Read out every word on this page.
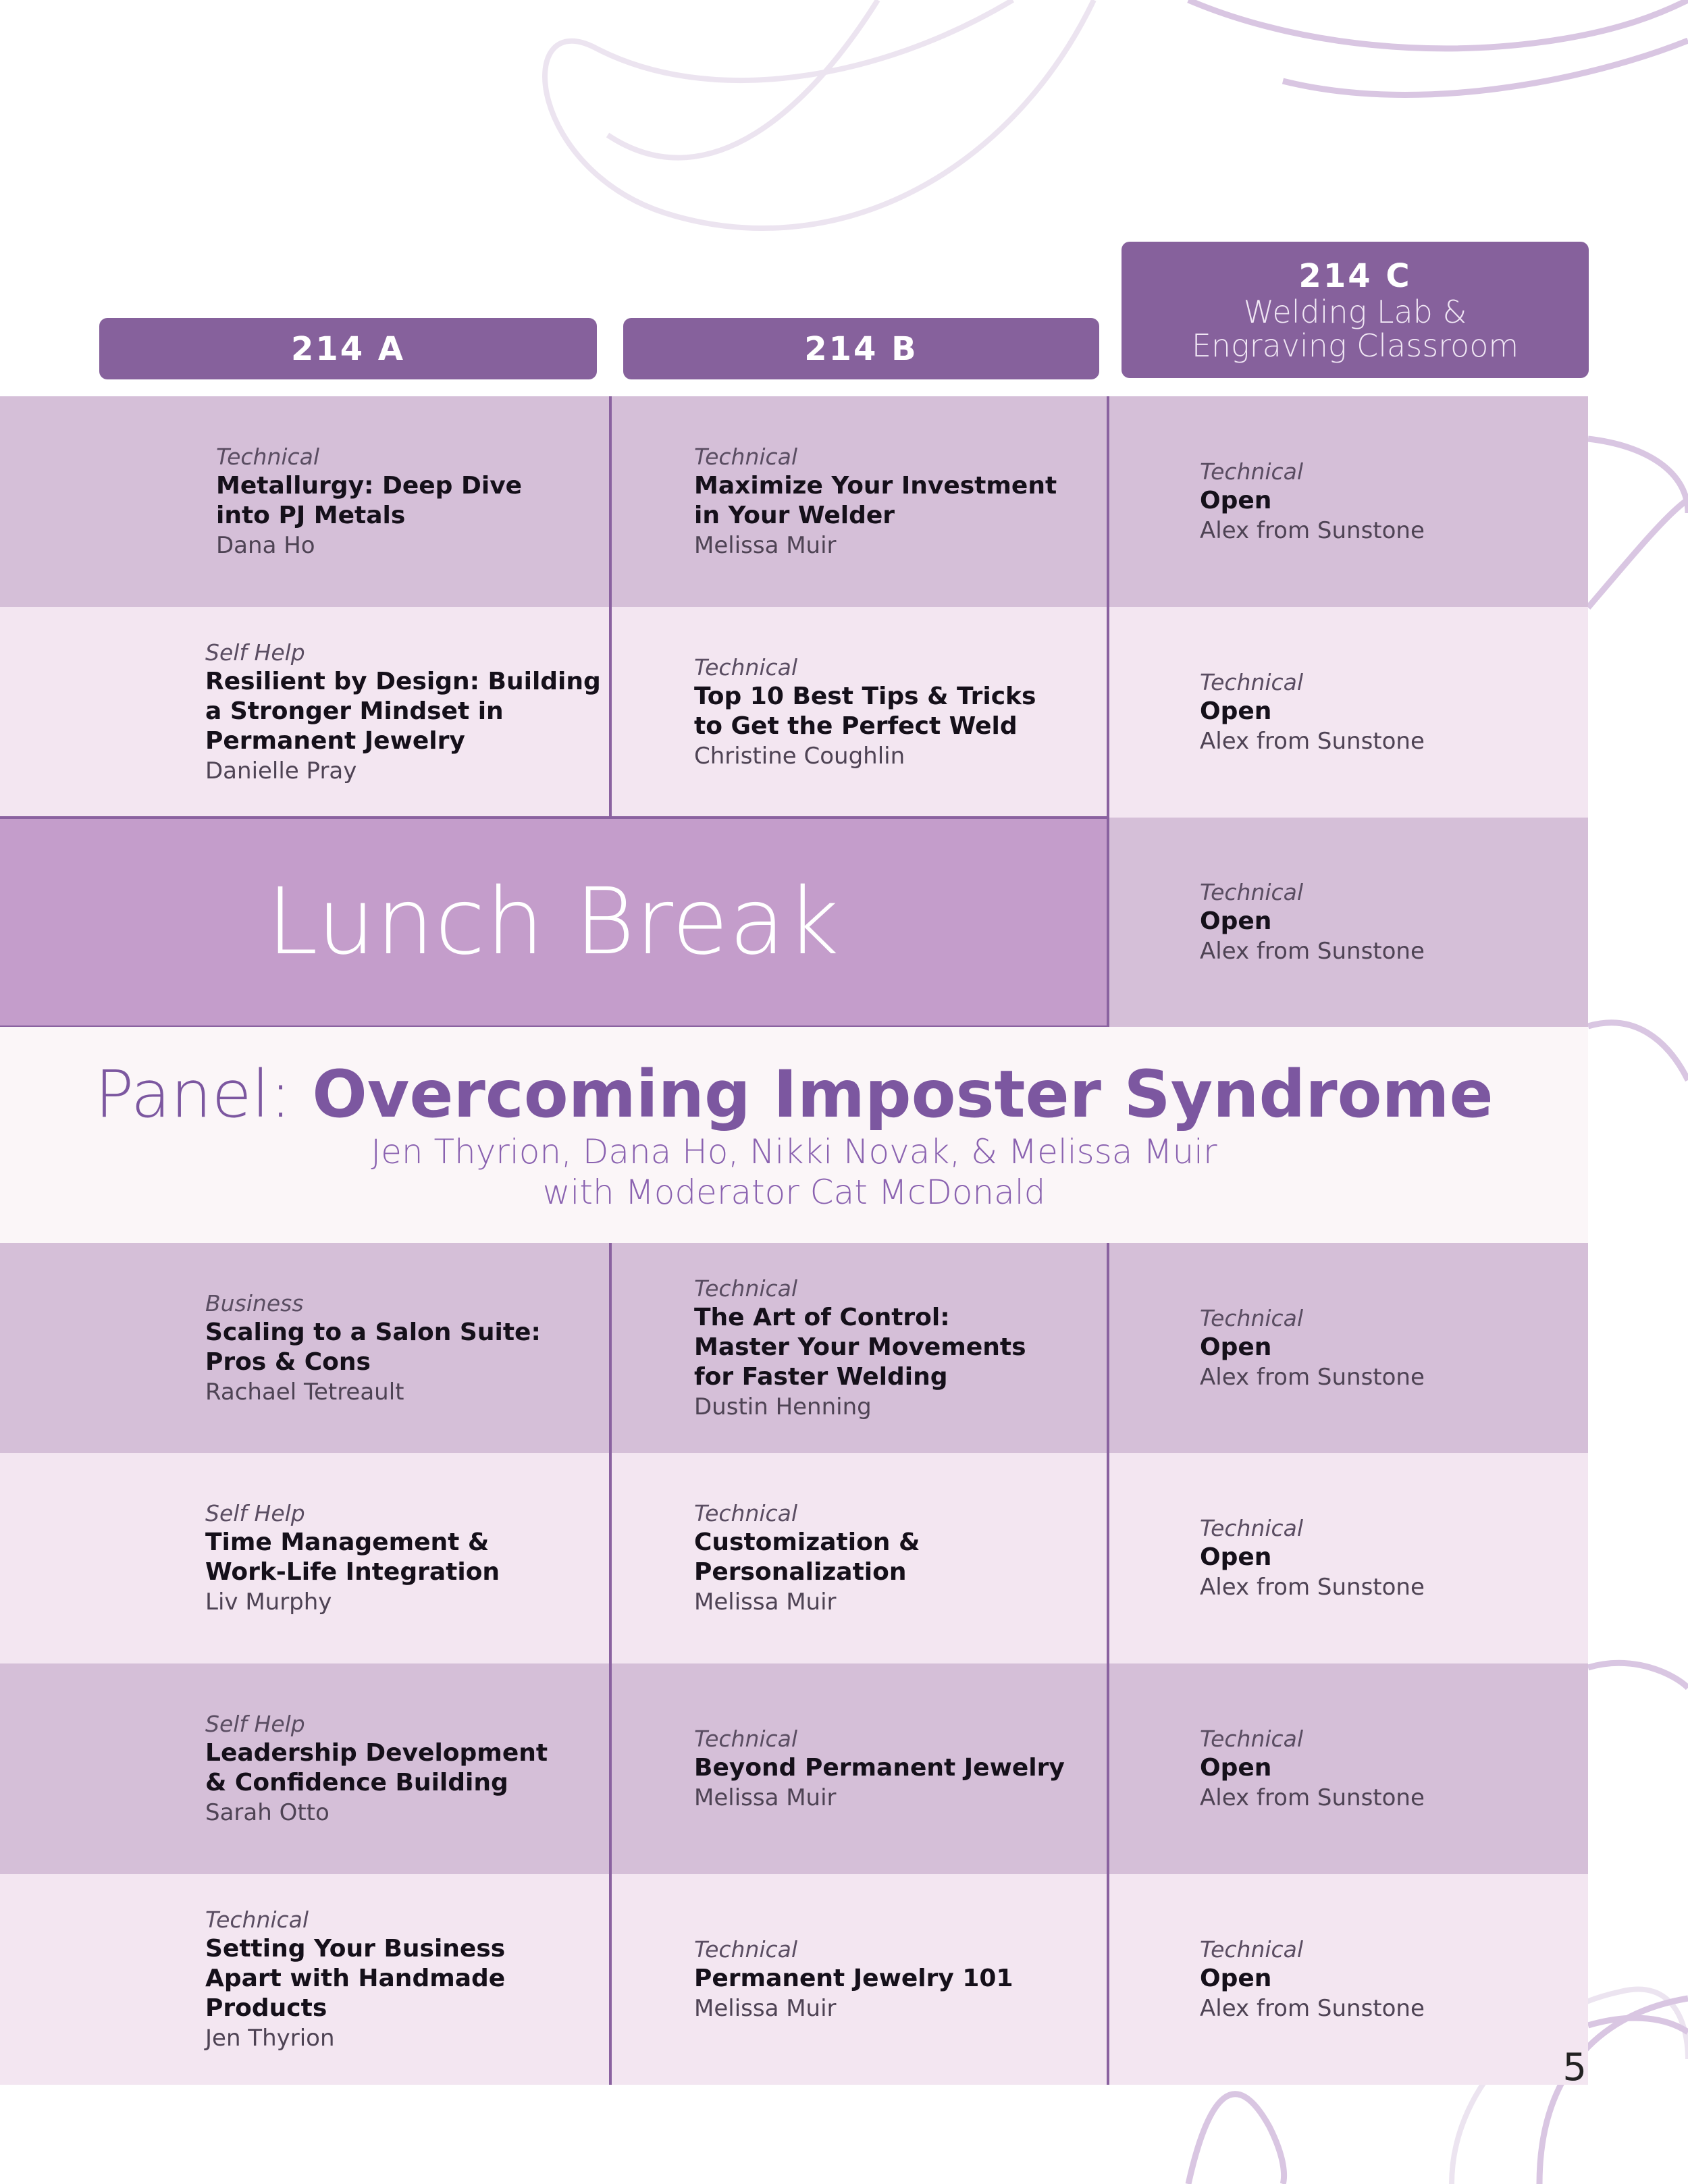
214 A	214 B
214 C
Welding Lab &
Engraving Classroom
Technical
Metallurgy: Deep Dive
into PJ Metals
Dana Ho
Technical
Maximize Your Investment
in Your Welder
Melissa Muir
Technical
Open
Alex from Sunstone
Self Help
Resilient by Design: Building
a Stronger Mindset in
Permanent Jewelry
Danielle Pray
Technical
Top 10 Best Tips & Tricks
to Get the Perfect Weld
Christine Coughlin
Technical
Open
Alex from Sunstone
Technical
Open
Alex from Sunstone
Lunch Break
Panel: Overcoming Imposter Syndrome
Jen Thyrion, Dana Ho, Nikki Novak, & Melissa Muir
with Moderator Cat McDonald
Business
Scaling to a Salon Suite:
Pros & Cons
Rachael Tetreault
Technical
The Art of Control:
Master Your Movements
for Faster Welding
Dustin Henning
Technical
Open
Alex from Sunstone
Self Help
Time Management &
Work-Life Integration
Liv Murphy
Technical
Customization &
Personalization
Melissa Muir
Technical
Open
Alex from Sunstone
Self Help
Leadership Development
& Confidence Building
Sarah Otto
Technical
Beyond Permanent Jewelry
Melissa Muir
Technical
Open
Alex from Sunstone
Technical
Setting Your Business
Apart with Handmade
Products
Jen Thyrion
Technical
Permanent Jewelry 101
Melissa Muir
Technical
Open
Alex from Sunstone
5
